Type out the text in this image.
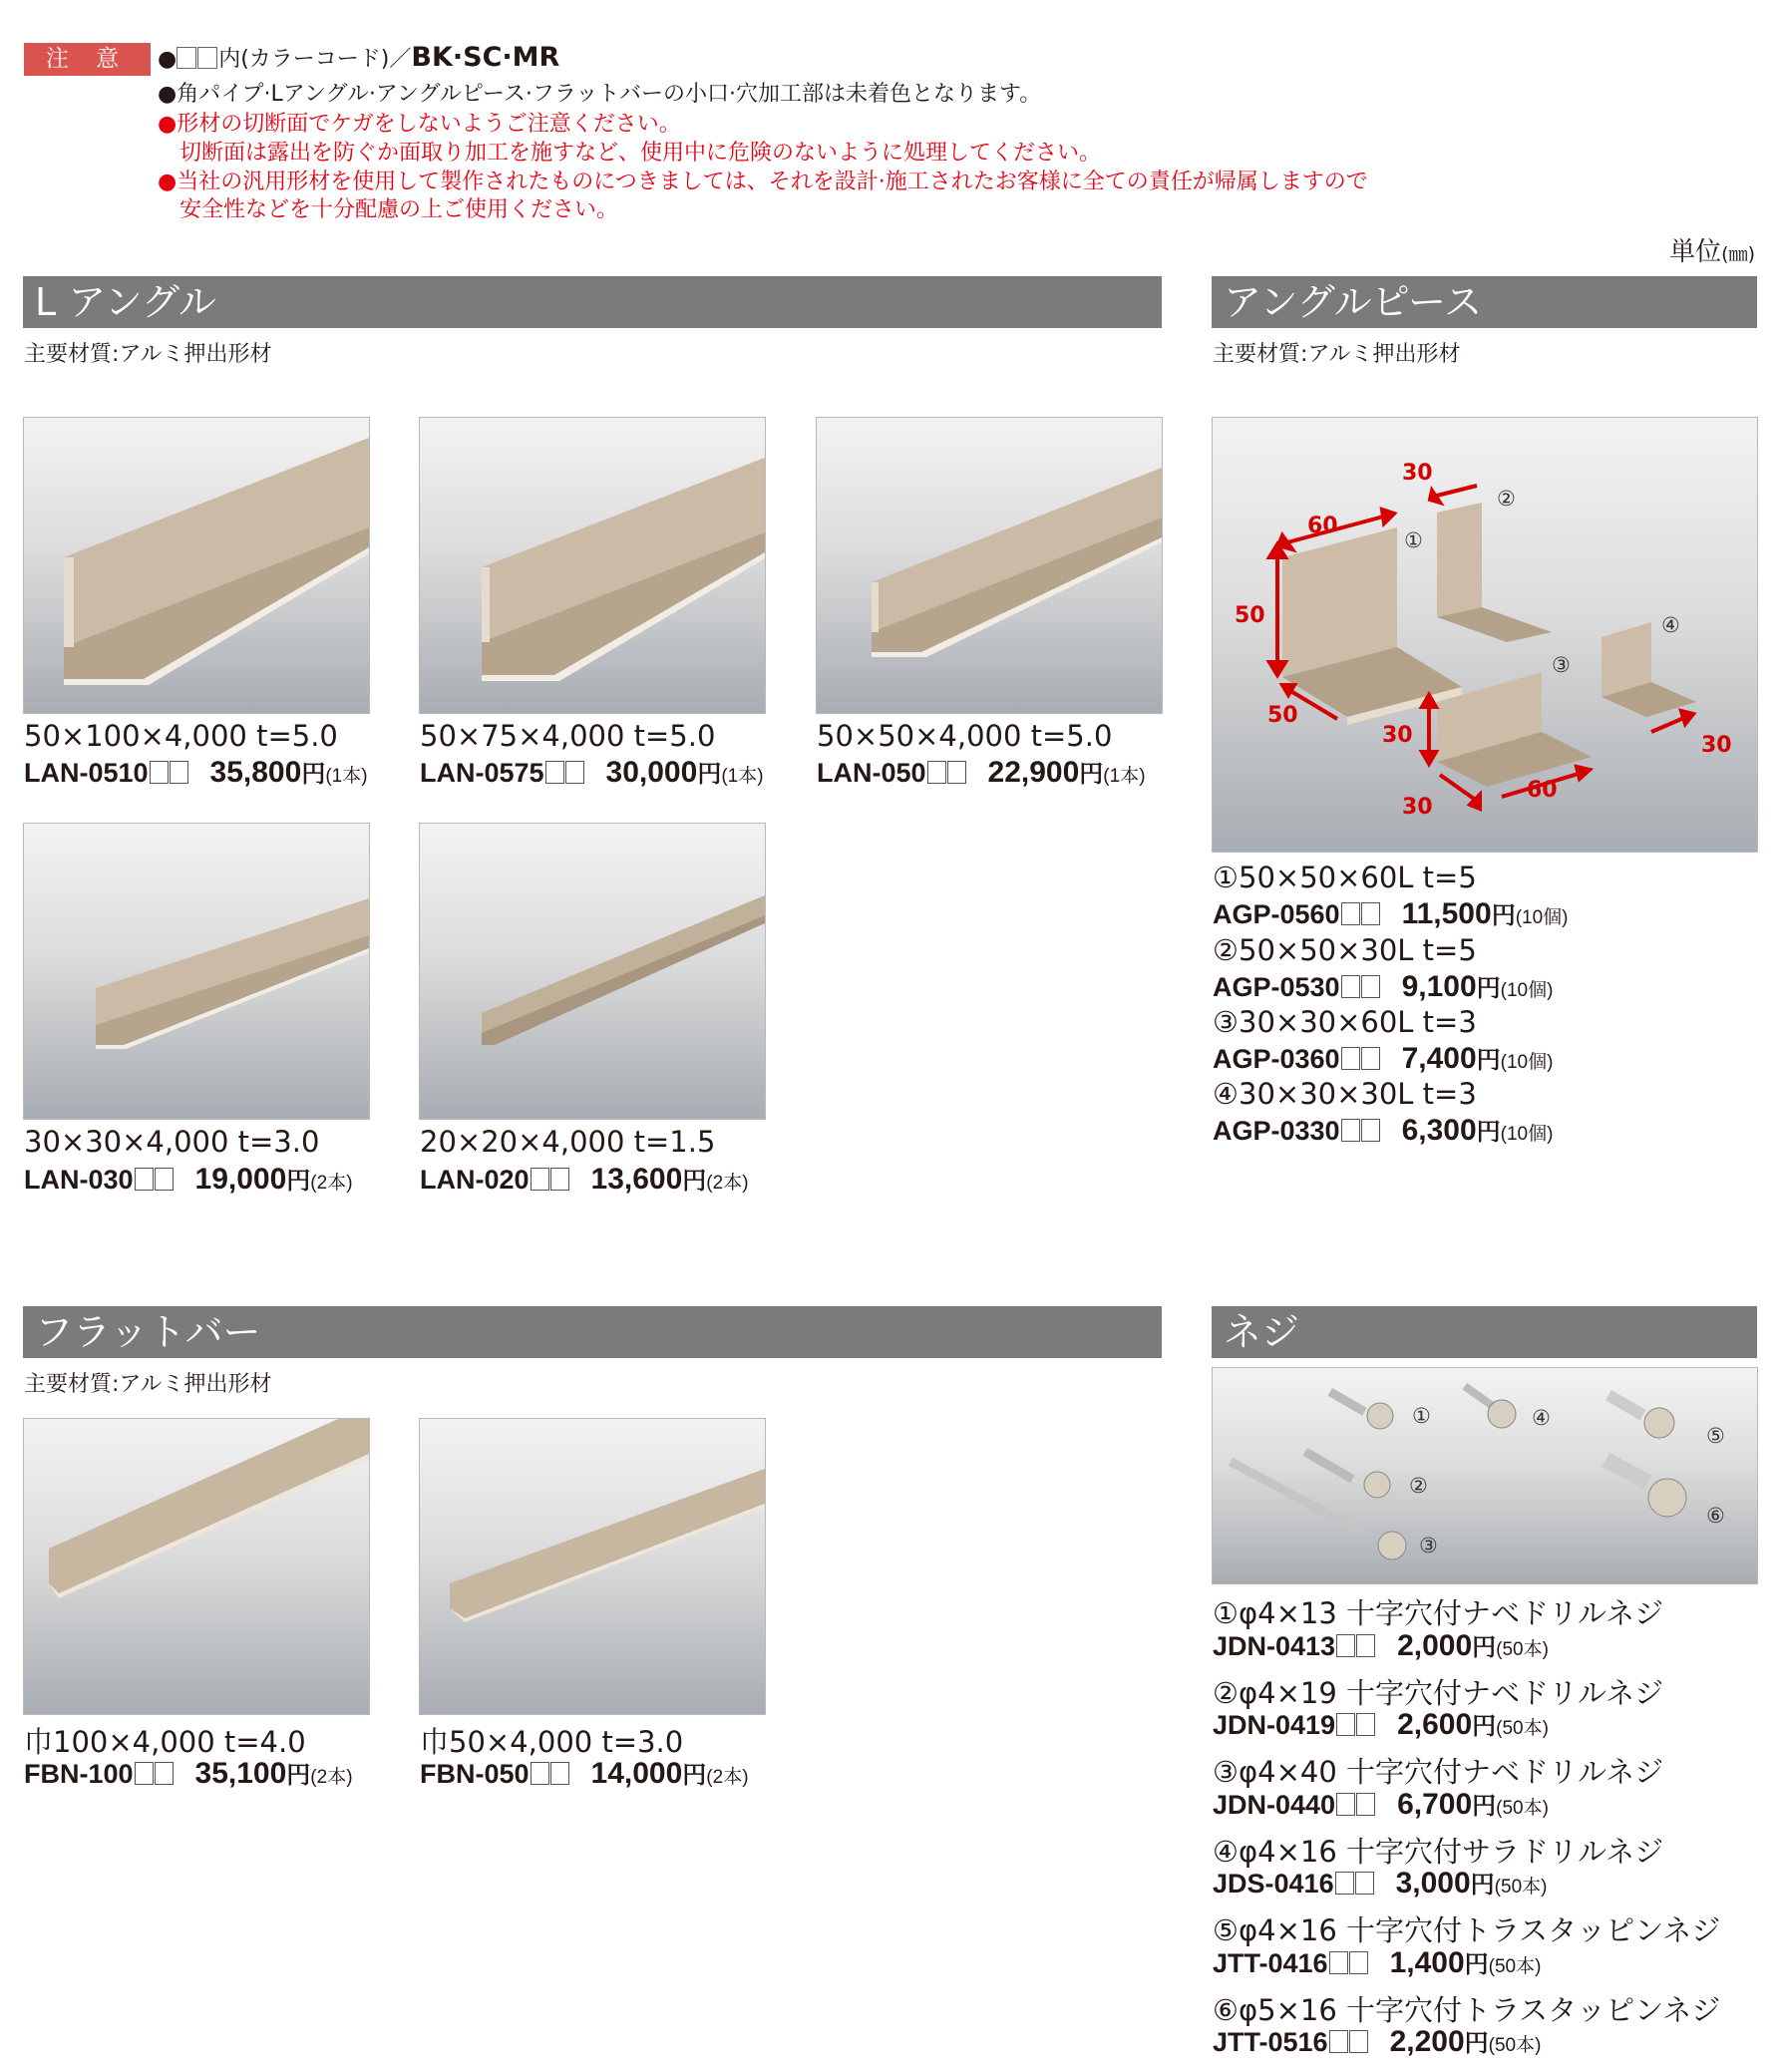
注 意	● 内(カラーコード)／BK·SC·MR
●角パイプ·Lアングル·アングルピース·フラットバーの小口·穴加工部は未着色となります。
●形材の切断面でケガをしないようご注意ください。
切断面は露出を防ぐか面取り加工を施すなど、使用中に危険のないように処理してください。
●当社の汎用形材を使用して製作されたものにつきましては、それを設計·施工されたお客様に全ての責任が帰属しますので
安全性などを十分配慮の上ご使用ください。
単位(㎜)
L アングル
主要材質:アルミ押出形材
50×100×4,000 t=5.0
LAN-0510 35,800円(1本)
50×75×4,000 t=5.0
LAN-0575 30,000円(1本)
50×50×4,000 t=5.0
LAN-050 22,900円(1本)
30×30×4,000 t=3.0
LAN-030 19,000円(2本)
20×20×4,000 t=1.5
LAN-020 13,600円(2本)
アングルピース
主要材質:アルミ押出形材
60
30
50
50
30
30
60
30
①
②
③
④
①50×50×60L t=5
AGP-0560 11,500円(10個)
②50×50×30L t=5
AGP-0530 9,100円(10個)
③30×30×60L t=3
AGP-0360 7,400円(10個)
④30×30×30L t=3
AGP-0330 6,300円(10個)
フラットバー
主要材質:アルミ押出形材
巾100×4,000 t=4.0
FBN-100 35,100円(2本)
巾50×4,000 t=3.0
FBN-050 14,000円(2本)
ネジ
①
②
③
④
⑤
⑥
①φ4×13 十字穴付ナベドリルネジ
JDN-0413 2,000円(50本)
②φ4×19 十字穴付ナベドリルネジ
JDN-0419 2,600円(50本)
③φ4×40 十字穴付ナベドリルネジ
JDN-0440 6,700円(50本)
④φ4×16 十字穴付サラドリルネジ
JDS-0416 3,000円(50本)
⑤φ4×16 十字穴付トラスタッピンネジ
JTT-0416 1,400円(50本)
⑥φ5×16 十字穴付トラスタッピンネジ
JTT-0516 2,200円(50本)
